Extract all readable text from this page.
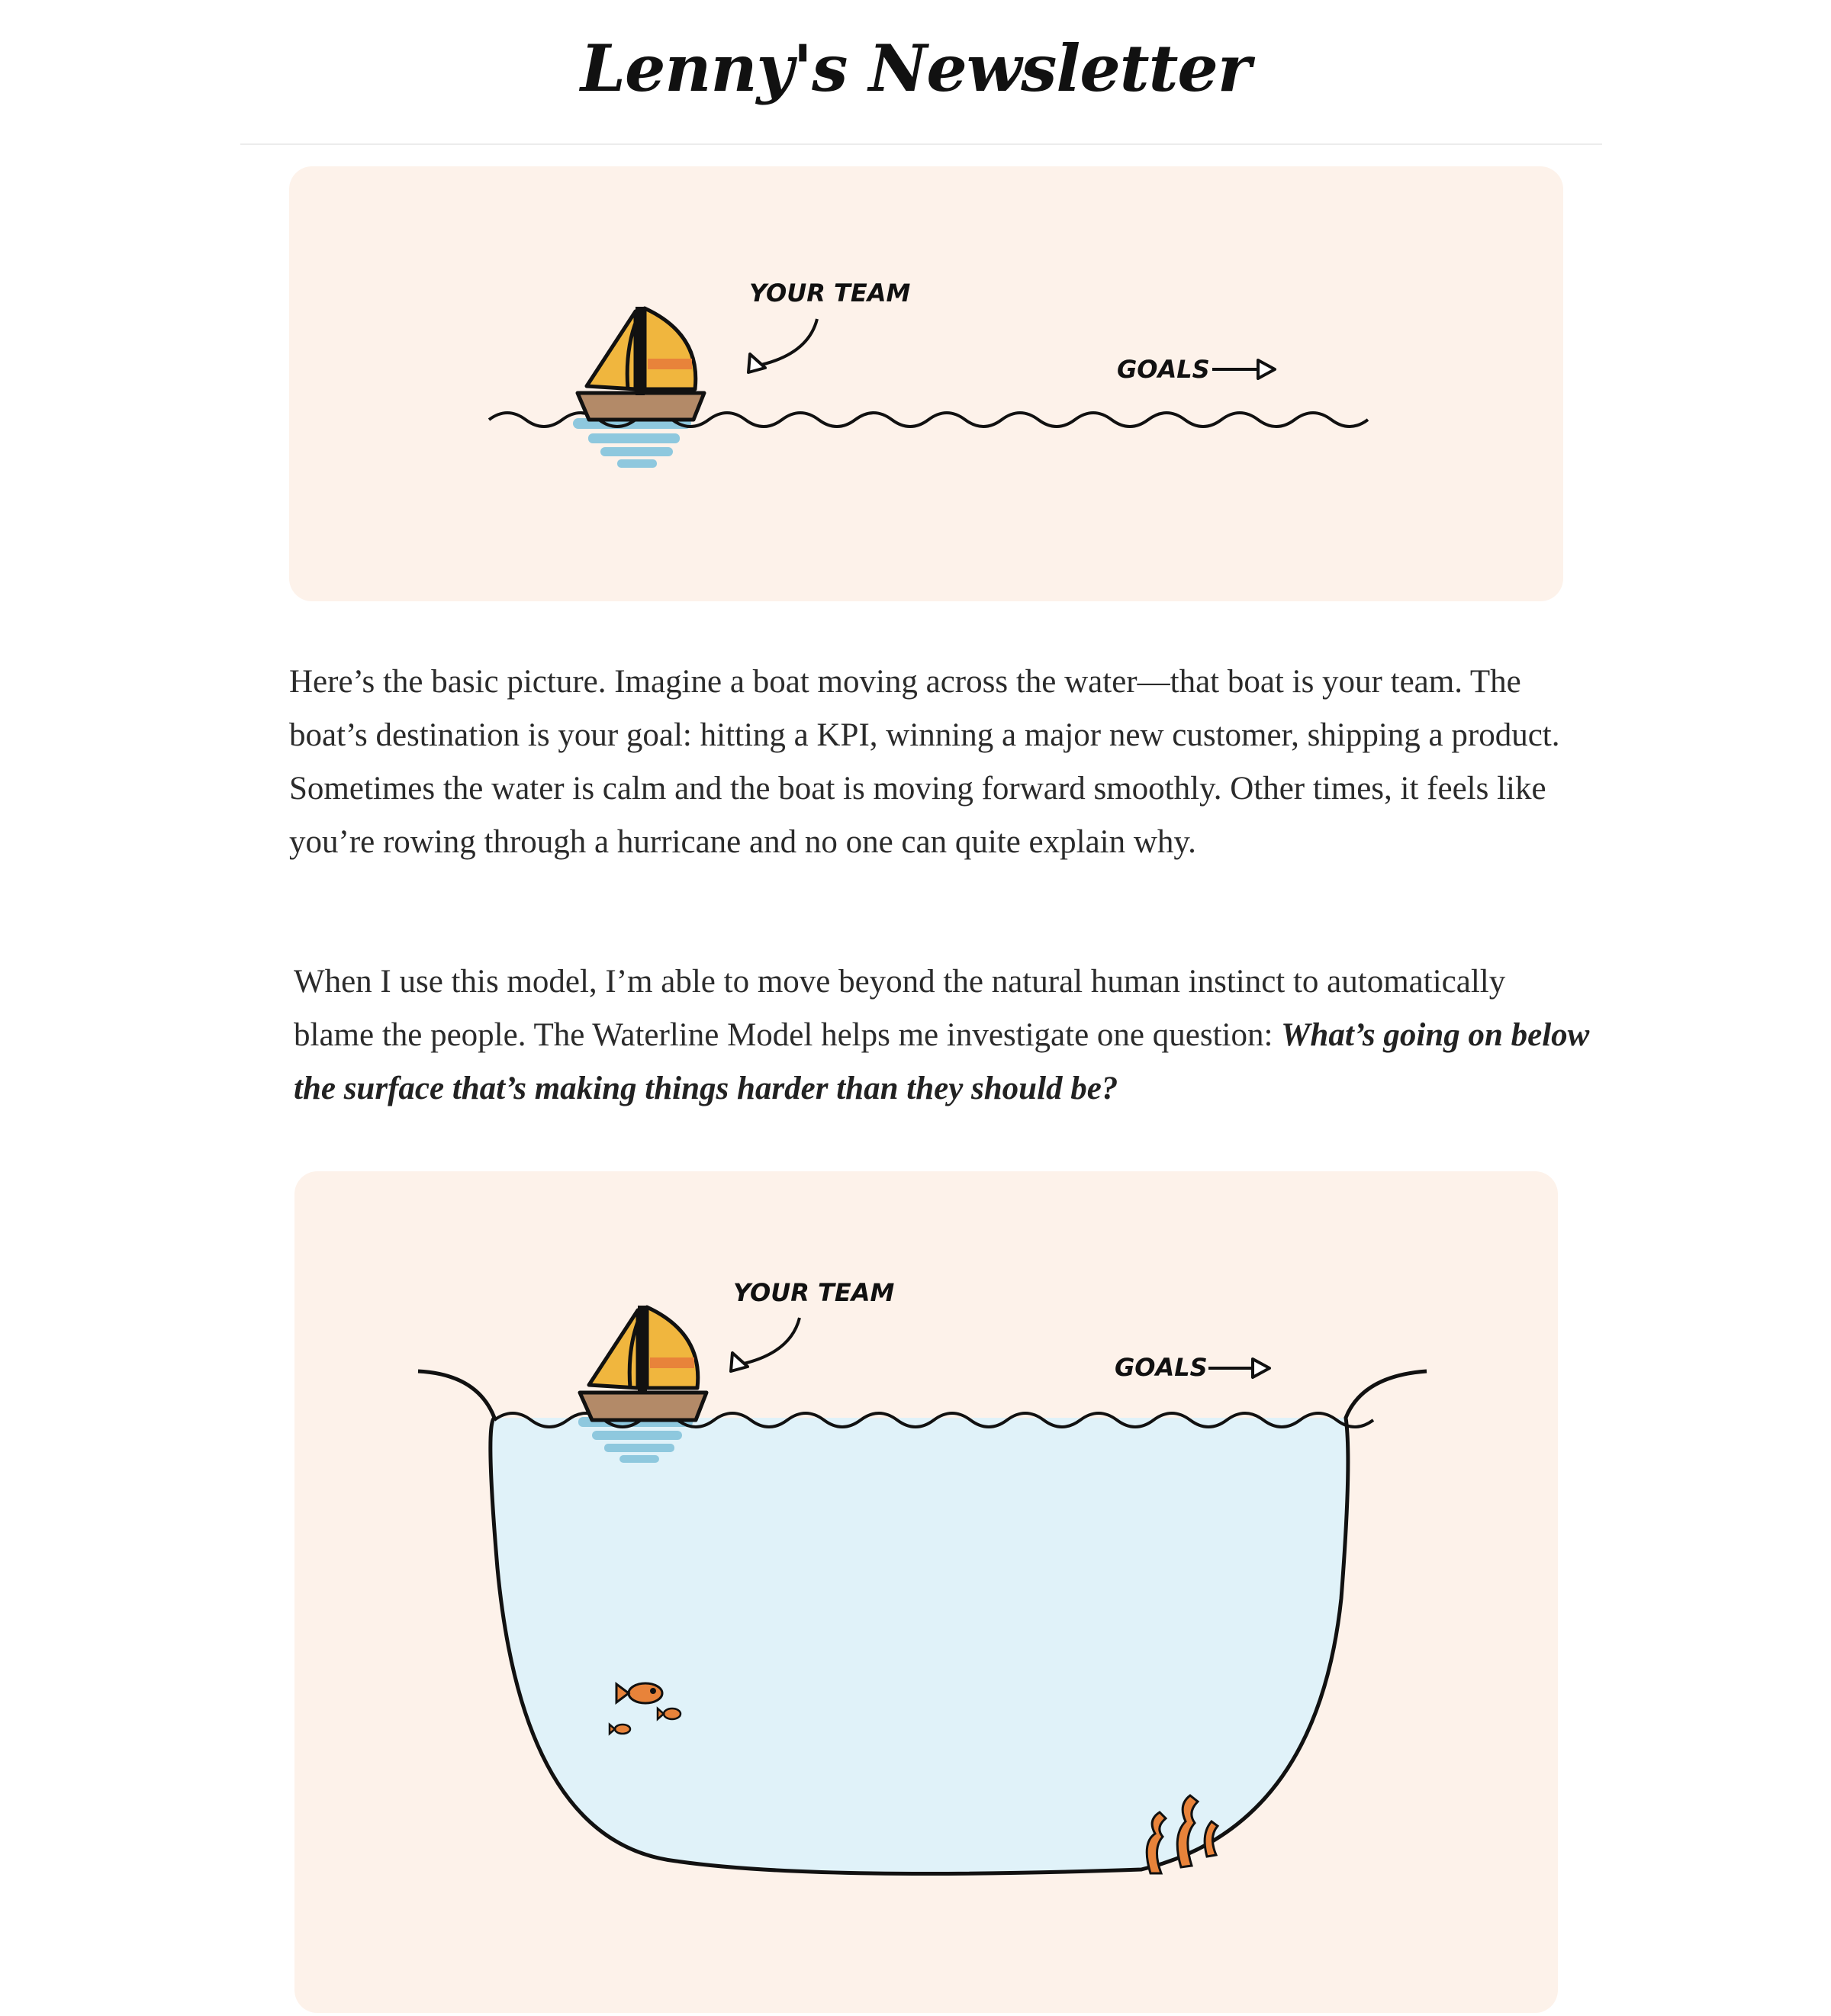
Lenny's Newsletter
YOUR TEAM
GOALS

Here’s the basic picture. Imagine a boat moving across the water—that boat is your team. The boat’s destination is your goal: hitting a KPI, winning a major new customer, shipping a product. Sometimes the water is calm and the boat is moving forward smoothly. Other times, it feels like you’re rowing through a hurricane and no one can quite explain why.

When I use this model, I’m able to move beyond the natural human instinct to automatically blame the people. The Waterline Model helps me investigate one question: What’s going on below the surface that’s making things harder than they should be?

YOUR TEAM
GOALS
